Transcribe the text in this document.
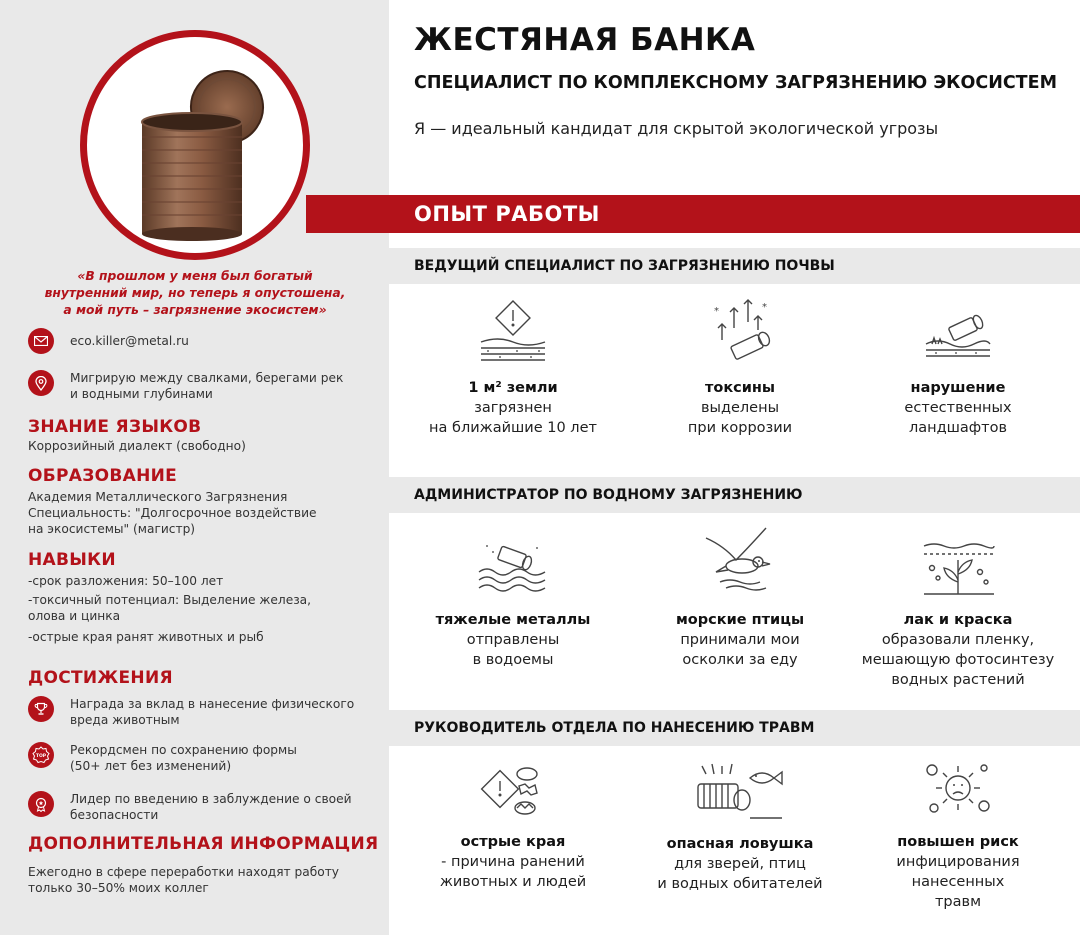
«В прошлом у меня был богатый
внутренний мир, но теперь я опустошена,
а мой путь – загрязнение экосистем»
eco.killer@metal.ru
Мигрирую между свалками, берегами рек
и водными глубинами
ЗНАНИЕ ЯЗЫКОВ
Коррозийный диалект (свободно)
ОБРАЗОВАНИЕ
Академия Металлического Загрязнения
Специальность: "Долгосрочное воздействие
на экосистемы" (магистр)
НАВЫКИ
-срок разложения: 50–100 лет
-токсичный потенциал: Выделение железа,
олова и цинка
-острые края ранят животных и рыб
ДОСТИЖЕНИЯ
Награда за вклад в нанесение физического
вреда животным
TOP Рекордсмен по сохранению формы
(50+ лет без изменений)
Лидер по введению в заблуждение о своей
безопасности
ДОПОЛНИТЕЛЬНАЯ ИНФОРМАЦИЯ
Ежегодно в сфере переработки находят работу
только 30–50% моих коллег
ЖЕСТЯНАЯ БАНКА
СПЕЦИАЛИСТ ПО КОМПЛЕКСНОМУ ЗАГРЯЗНЕНИЮ ЭКОСИСТЕМ
Я — идеальный кандидат для скрытой экологической угрозы
ОПЫТ РАБОТЫ
ВЕДУЩИЙ СПЕЦИАЛИСТ ПО ЗАГРЯЗНЕНИЮ ПОЧВЫ
1 м² земли
загрязнен
на ближайшие 10 лет
*	*
токсины
выделены
при коррозии
нарушение
естественных
ландшафтов
АДМИНИСТРАТОР ПО ВОДНОМУ ЗАГРЯЗНЕНИЮ
тяжелые металлы
отправлены
в водоемы
морские птицы
принимали мои
осколки за еду
лак и краска
образовали пленку,
мешающую фотосинтезу
водных растений
РУКОВОДИТЕЛЬ ОТДЕЛА ПО НАНЕСЕНИЮ ТРАВМ
острые края
- причина ранений
животных и людей
опасная ловушка
для зверей, птиц
и водных обитателей
повышен риск
инфицирования
нанесенных
травм
